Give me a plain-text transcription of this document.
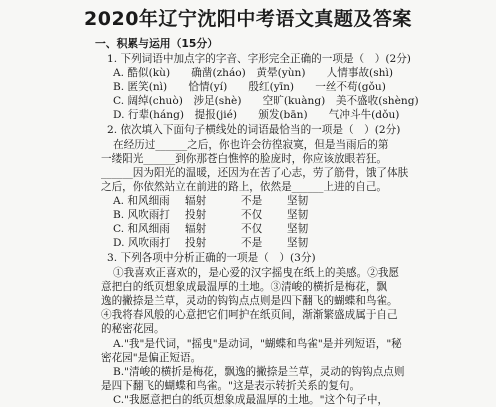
2020年辽宁沈阳中考语文真题及答案
一、积累与运用（15分）
1. 下列词语中加点字的字音、字形完全正确的一项是（　）(2分)
A. 酷似(kù)　　确凿(zháo)　黄晕(yùn)　　人情事故(shì)
B. 匿笑(nì)　　恰情(yí)　　殷红(yīn)　　一丝不苟(gǒu)
C. 阔绰(chuò)　涉足(shè)　　空旷(kuàng)　美不盛收(shèng)
D. 行辈(háng)　提报(jié)　　颁发(bān)　　气冲斗牛(dǒu)
2. 依次填入下面句子横线处的词语最恰当的一项是（　）(2分)
在经历过______之后，你也许会彷徨寂寞，但是当雨后的第
一缕阳光______到你那苍白憔悴的脸庞时，你应该放眼若狂。
______因为阳光的温暖，还因为在苦了心志，劳了筋骨，饿了体肤
之后，你依然站立在前进的路上，依然是______上进的自己。
A. 和风细雨 辐射	不是 坚韧
B. 风吹雨打 投射	不仅 坚韧
C. 和风细雨 辐射	不仅 坚韧
D. 风吹雨打 投射	不是 坚韧
3. 下列各项中分析正确的一项是（　）(3分)
①我喜欢正喜欢的，是心爱的汉字摇曳在纸上的美感。②我愿
意把白的纸页想象成最温厚的土地。③清峻的横折是梅花，飘
逸的撇捺是兰草，灵动的钩钩点点则是四下翻飞的蝴蝶和鸟雀。
④我将春风般的心意把它们呵护在纸页间，渐渐繁盛成属于自己
的秘密花园。
A."我"是代词，"摇曳"是动词，"蝴蝶和鸟雀"是并列短语，"秘
密花园"是偏正短语。
B."清峻的横折是梅花，飘逸的撇捺是兰草，灵动的钩钩点点则
是四下翻飞的蝴蝶和鸟雀。"这是表示转折关系的复句。
C."我愿意把白的纸页想象成最温厚的土地。"这个句子中，
